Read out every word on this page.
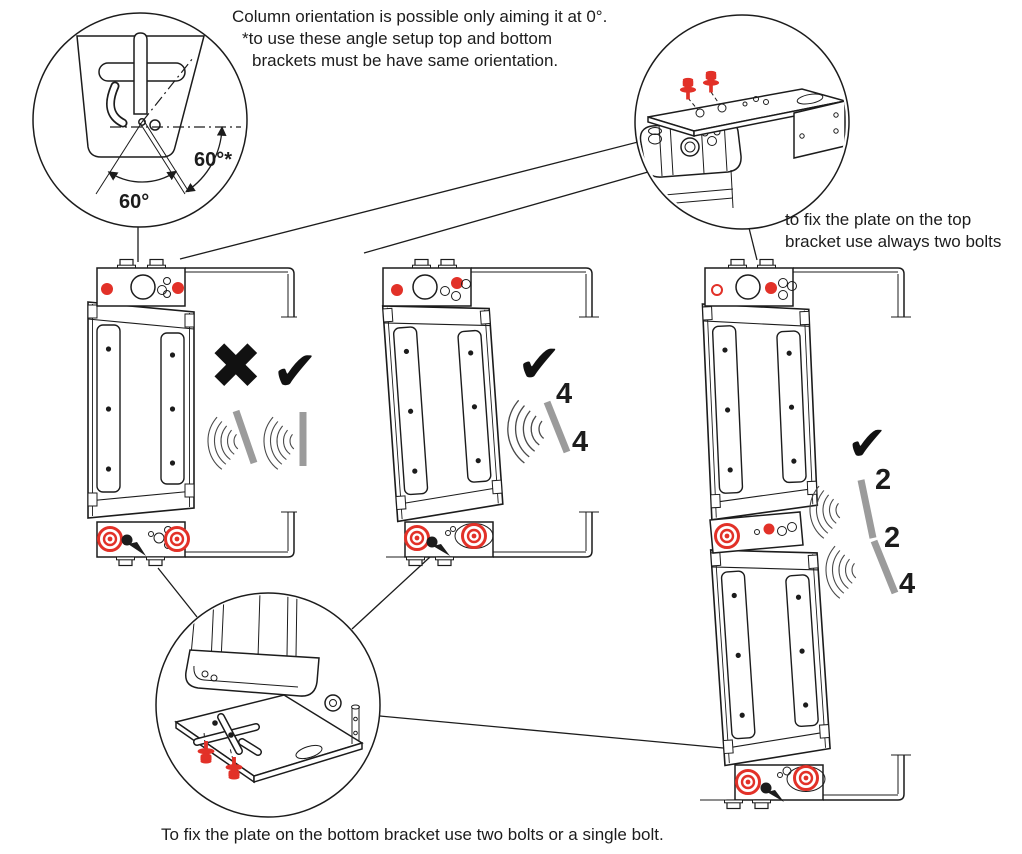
Column orientation is possible only aiming it at 0°.
*to use these angle setup top and bottom
brackets must be have same orientation.
to fix the plate on the top
bracket use always two bolts
To fix the plate on the bottom bracket use two bolts or a single bolt.
60°*
60°
✖ ✔	✔
✔
4
4
2
2
4
